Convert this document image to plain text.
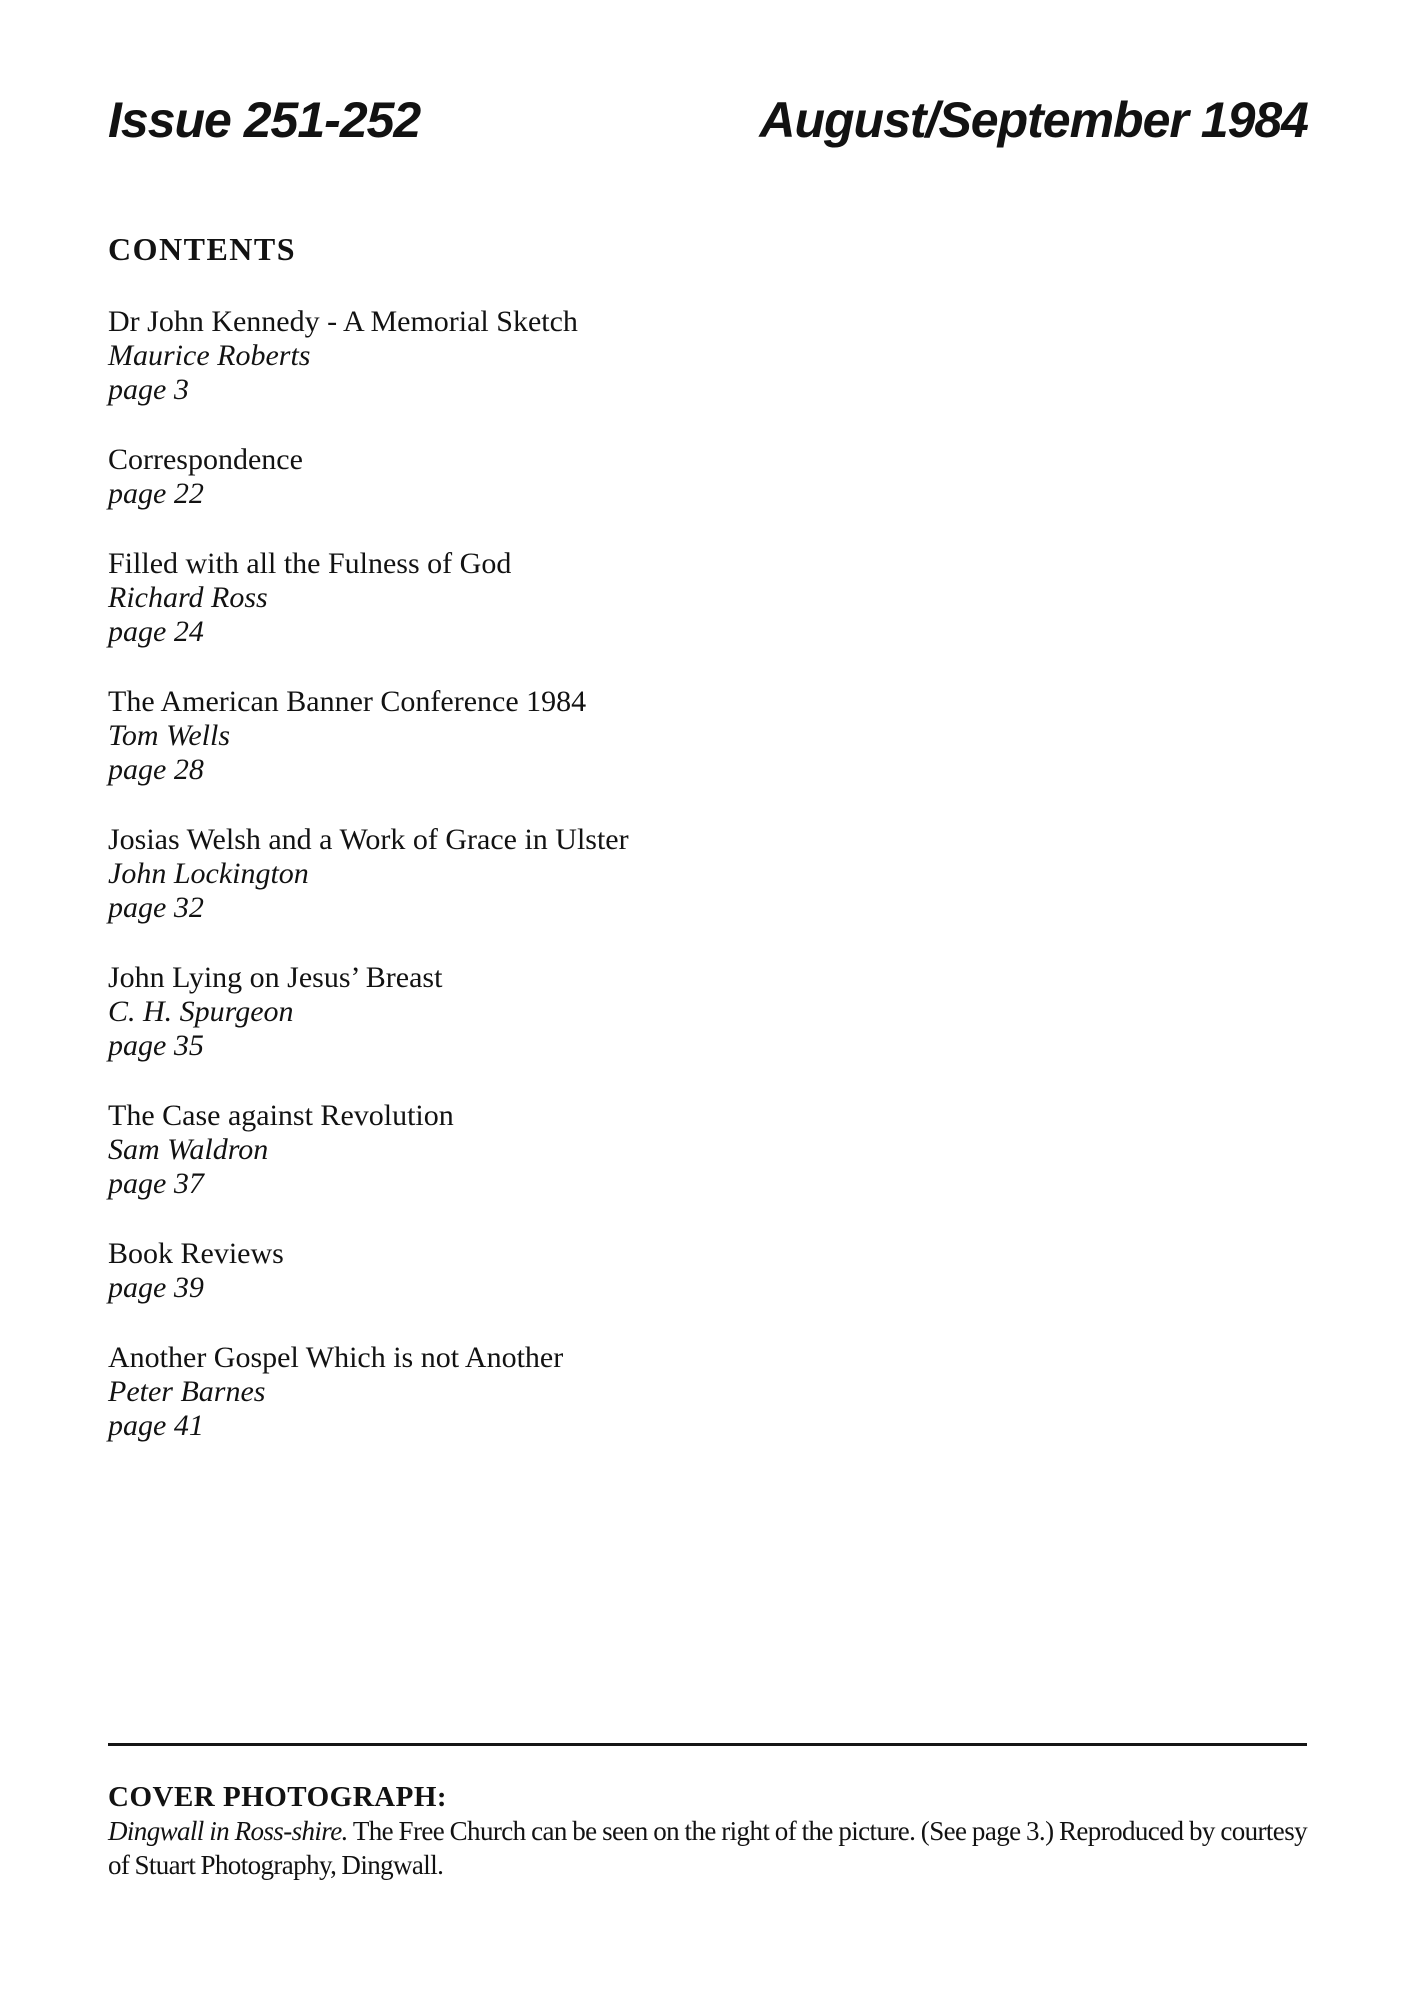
Issue 251-252	August/September 1984
CONTENTS
Dr John Kennedy - A Memorial Sketch
Maurice Roberts
page 3
Correspondence
page 22
Filled with all the Fulness of God
Richard Ross
page 24
The American Banner Conference 1984
Tom Wells
page 28
Josias Welsh and a Work of Grace in Ulster
John Lockington
page 32
John Lying on Jesus’ Breast
C. H. Spurgeon
page 35
The Case against Revolution
Sam Waldron
page 37
Book Reviews
page 39
Another Gospel Which is not Another
Peter Barnes
page 41
COVER PHOTOGRAPH:

Dingwall in Ross-shire. The Free Church can be seen on the right of the picture. (See page 3.) Reproduced by courtesy of Stuart Photography, Dingwall.
